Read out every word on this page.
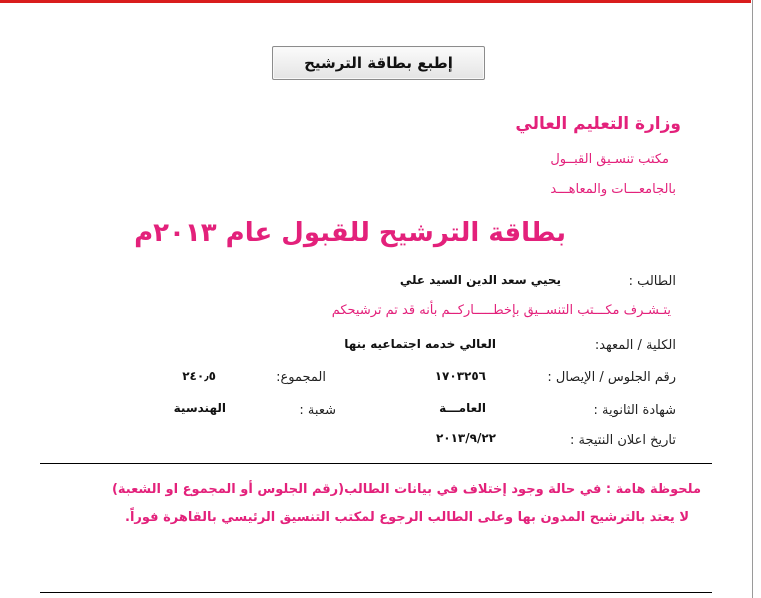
إطبع بطاقة الترشيح
وزارة التعليم العالي
مكتب تنسـيق القبــول
بالجامعـــات والمعاهـــد
بطاقة الترشيح للقبول عام ٢٠١٣م
الطالب :
يحيي سعد الدين السيد علي
يتـشـرف مكـــتب التنســيق بإخطـــــاركــم بأنه قد تم ترشيحكم
الكلية / المعهد:
العالي خدمه اجتماعيه بنها
رقم الجلوس / الإيصال :
١٧٠٣٢٥٦
المجموع:
٢٤٠٫٥
شهادة الثانوية :
العامـــة
شعبة :
الهندسية
تاريخ اعلان النتيجة :
٢٠١٣/٩/٢٢
ملحوظة هامة : في حالة وجود إختلاف في بيانات الطالب(رقم الجلوس أو المجموع او الشعبة)
لا يعتد بالترشيح المدون بها وعلى الطالب الرجوع لمكتب التنسيق الرئيسي بالقاهرة فوراً.
